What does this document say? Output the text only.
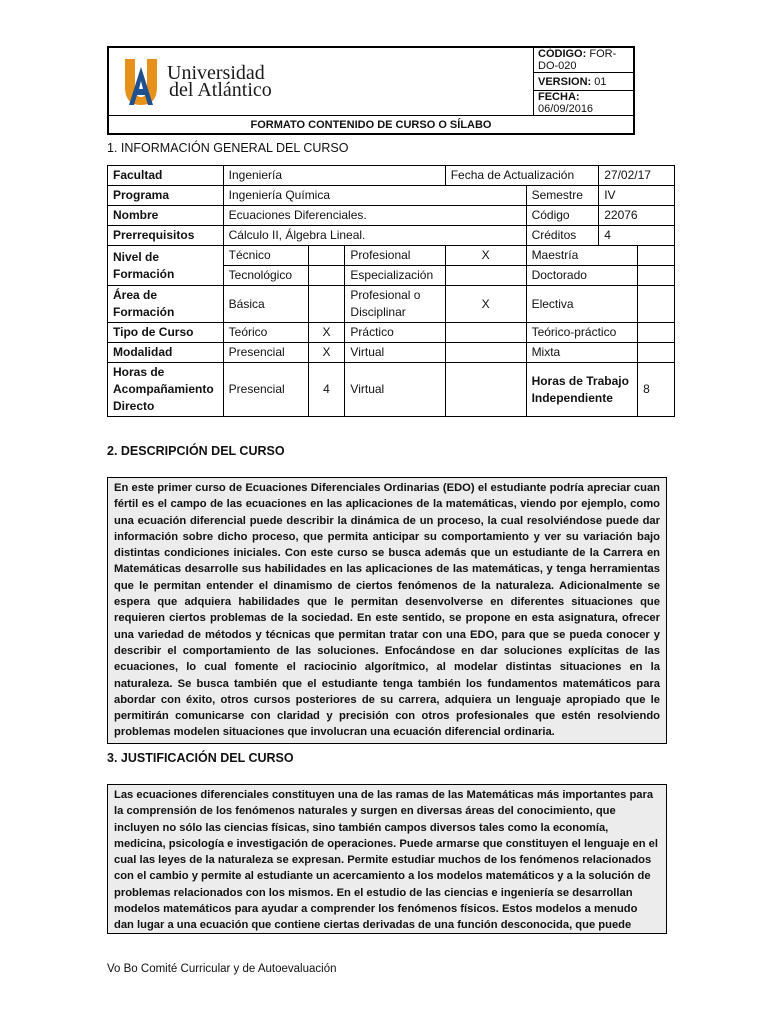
Universidad
del Atlántico
	CÓDIGO: FOR-DO-020
VERSION: 01
FECHA: 06/09/2016
FORMATO CONTENIDO DE CURSO O SÍLABO
1. INFORMACIÓN GENERAL DEL CURSO
Facultad	Ingeniería			Fecha de Actualización		27/02/17	
Programa	Ingeniería Química				Semestre	IV	
Nombre	Ecuaciones Diferenciales.				Código	22076	
Prerrequisitos	Cálculo II, Álgebra Lineal.				Créditos	4	
Nivel de Formación	Técnico		Profesional	X	Maestría		
	Tecnológico		Especialización		Doctorado		
Área de Formación	Básica		Profesional o Disciplinar	X	Electiva		
Tipo de Curso	Teórico	X	Práctico		Teórico-práctico		
Modalidad	Presencial	X	Virtual		Mixta		
Horas de Acompañamiento Directo	Presencial	4	Virtual		Horas de Trabajo Independiente		8
2. DESCRIPCIÓN DEL CURSO
En este primer curso de Ecuaciones Diferenciales Ordinarias (EDO) el estudiante podría apreciar cuan fértil es el campo de las ecuaciones en las aplicaciones de la matemáticas, viendo por ejemplo, como una ecuación diferencial puede describir la dinámica de un proceso, la cual resolviéndose puede dar información sobre dicho proceso, que permita anticipar su comportamiento y ver su variación bajo distintas condiciones iniciales. Con este curso se busca además que un estudiante de la Carrera en Matemáticas desarrolle sus habilidades en las aplicaciones de las matemáticas, y tenga herramientas que le permitan entender el dinamismo de ciertos fenómenos de la naturaleza. Adicionalmente se espera que adquiera habilidades que le permitan desenvolverse en diferentes situaciones que requieren ciertos problemas de la sociedad. En este sentido, se propone en esta asignatura, ofrecer una variedad de métodos y técnicas que permitan tratar con una EDO, para que se pueda conocer y describir el comportamiento de las soluciones. Enfocándose en dar soluciones explícitas de las ecuaciones, lo cual fomente el raciocinio algorítmico, al modelar distintas situaciones en la naturaleza. Se busca también que el estudiante tenga también los fundamentos matemáticos para abordar con éxito, otros cursos posteriores de su carrera, adquiera un lenguaje apropiado que le permitirán comunicarse con claridad y precisión con otros profesionales que estén resolviendo problemas modelen situaciones que involucran una ecuación diferencial ordinaria.
3. JUSTIFICACIÓN DEL CURSO
Las ecuaciones diferenciales constituyen una de las ramas de las Matemáticas más importantes para la comprensión de los fenómenos naturales y surgen en diversas áreas del conocimiento, que incluyen no sólo las ciencias físicas, sino también campos diversos tales como la economía, medicina, psicología e investigación de operaciones. Puede armarse que constituyen el lenguaje en el cual las leyes de la naturaleza se expresan. Permite estudiar muchos de los fenómenos relacionados con el cambio y permite al estudiante un acercamiento a los modelos matemáticos y a la solución de problemas relacionados con los mismos. En el estudio de las ciencias e ingeniería se desarrollan modelos matemáticos para ayudar a comprender los fenómenos físicos. Estos modelos a menudo dan lugar a una ecuación que contiene ciertas derivadas de una función desconocida, que puede
Vo Bo Comité Curricular y de Autoevaluación
